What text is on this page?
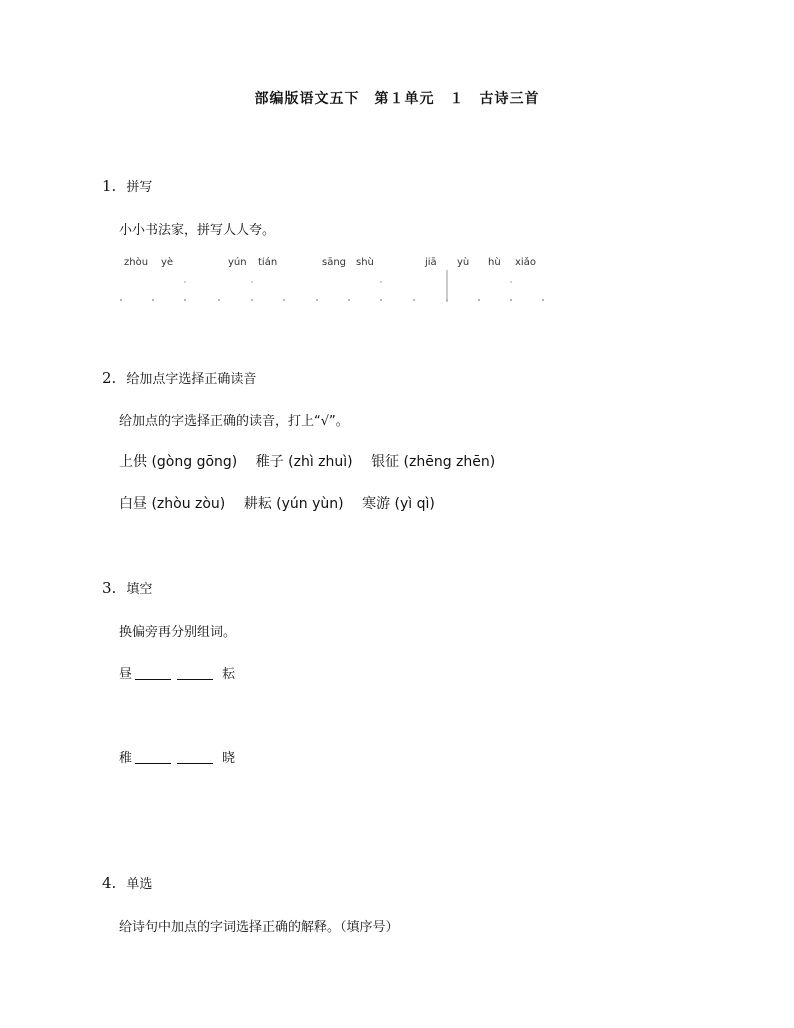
部编版语文五下　第１单元　１　古诗三首
1. 拼写
小小书法家，拼写人人夸。
zhòu yè	yún tián	sāng shù	jiā yù hù xiǎo
2. 给加点字选择正确读音
给加点的字选择正确的读音，打上“√”。
上供 (gòng gōng) 稚子 (zhì zhuì) 银征 (zhēng zhēn)
白昼 (zhòu zòu) 耕耘 (yún yùn) 寒游 (yì qì)
3. 填空
换偏旁再分别组词。
昼	耘
稚	晓
4. 单选
给诗句中加点的字词选择正确的解释。（填序号）
